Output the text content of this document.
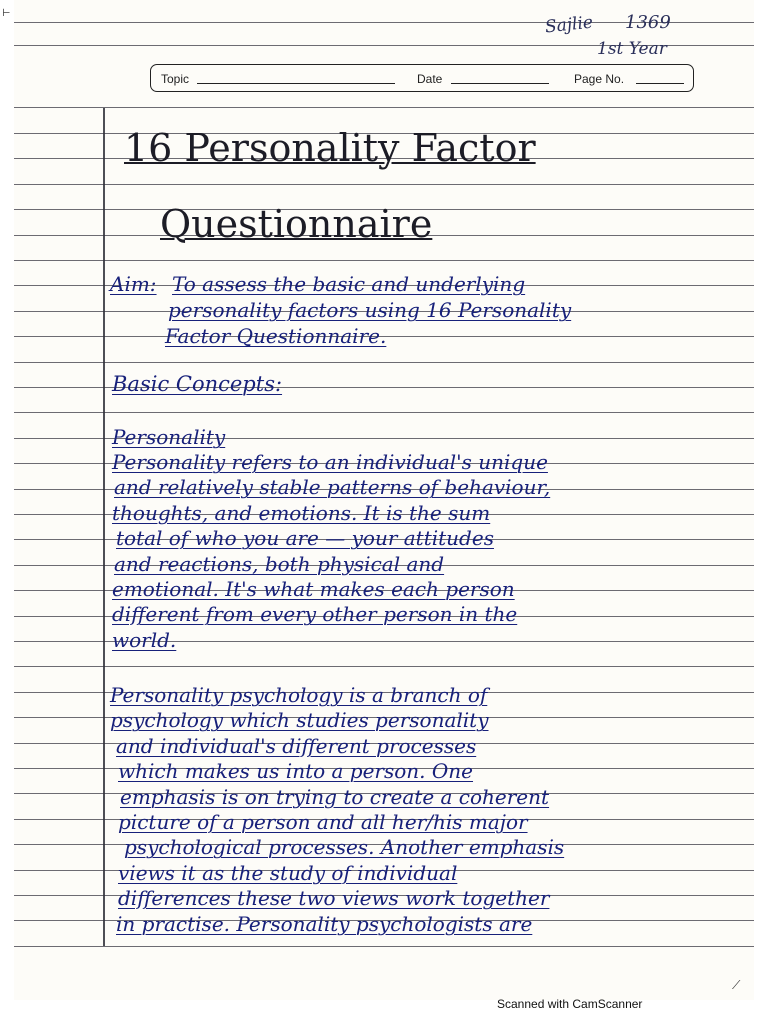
⊢	Sajlie 1369
1st Year
Topic	Date	Page No.
16 Personality Factor
Questionnaire
Aim: To assess the basic and underlying
personality factors using 16 Personality
Factor Questionnaire.
Basic Concepts:
Personality
Personality refers to an individual's unique
and relatively stable patterns of behaviour,
thoughts, and emotions. It is the sum
total of who you are — your attitudes
and reactions, both physical and
emotional. It's what makes each person
different from every other person in the
world.
Personality psychology is a branch of
psychology which studies personality
and individual's different processes
which makes us into a person. One
emphasis is on trying to create a coherent
picture of a person and all her/his major
psychological processes. Another emphasis
views it as the study of individual
differences these two views work together
in practise. Personality psychologists are
Scanned with CamScanner
⟋
